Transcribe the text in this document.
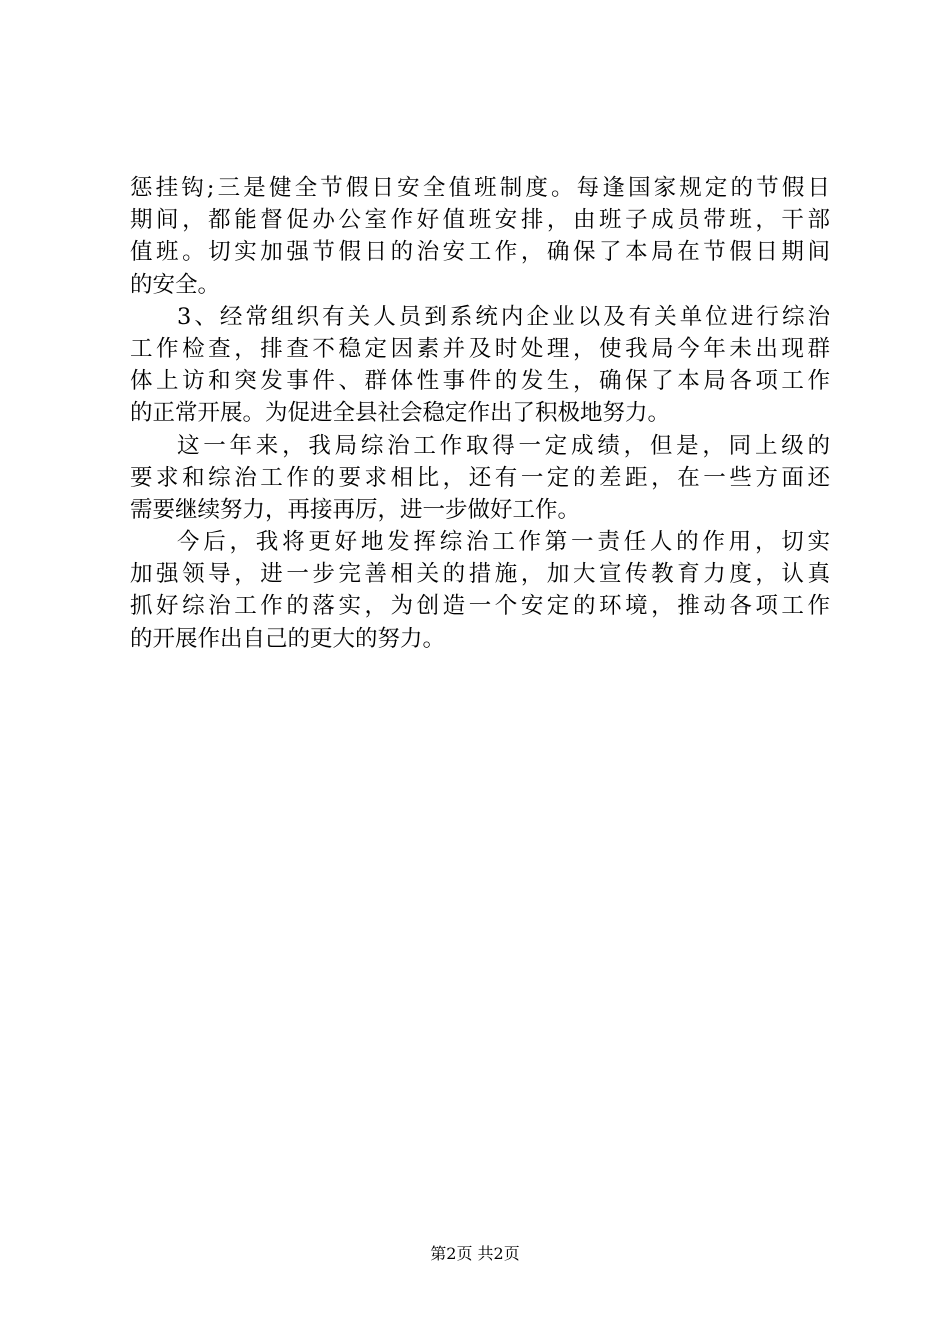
惩挂钩;三是健全节假日安全值班制度。每逢国家规定的节假日
期间，都能督促办公室作好值班安排，由班子成员带班，干部
值班。切实加强节假日的治安工作，确保了本局在节假日期间
的安全。
3、经常组织有关人员到系统内企业以及有关单位进行综治
工作检查，排查不稳定因素并及时处理，使我局今年未出现群
体上访和突发事件、群体性事件的发生，确保了本局各项工作
的正常开展。为促进全县社会稳定作出了积极地努力。
这一年来，我局综治工作取得一定成绩，但是，同上级的
要求和综治工作的要求相比，还有一定的差距，在一些方面还
需要继续努力，再接再厉，进一步做好工作。
今后，我将更好地发挥综治工作第一责任人的作用，切实
加强领导，进一步完善相关的措施，加大宣传教育力度，认真
抓好综治工作的落实，为创造一个安定的环境，推动各项工作
的开展作出自己的更大的努力。
第2页 共2页
